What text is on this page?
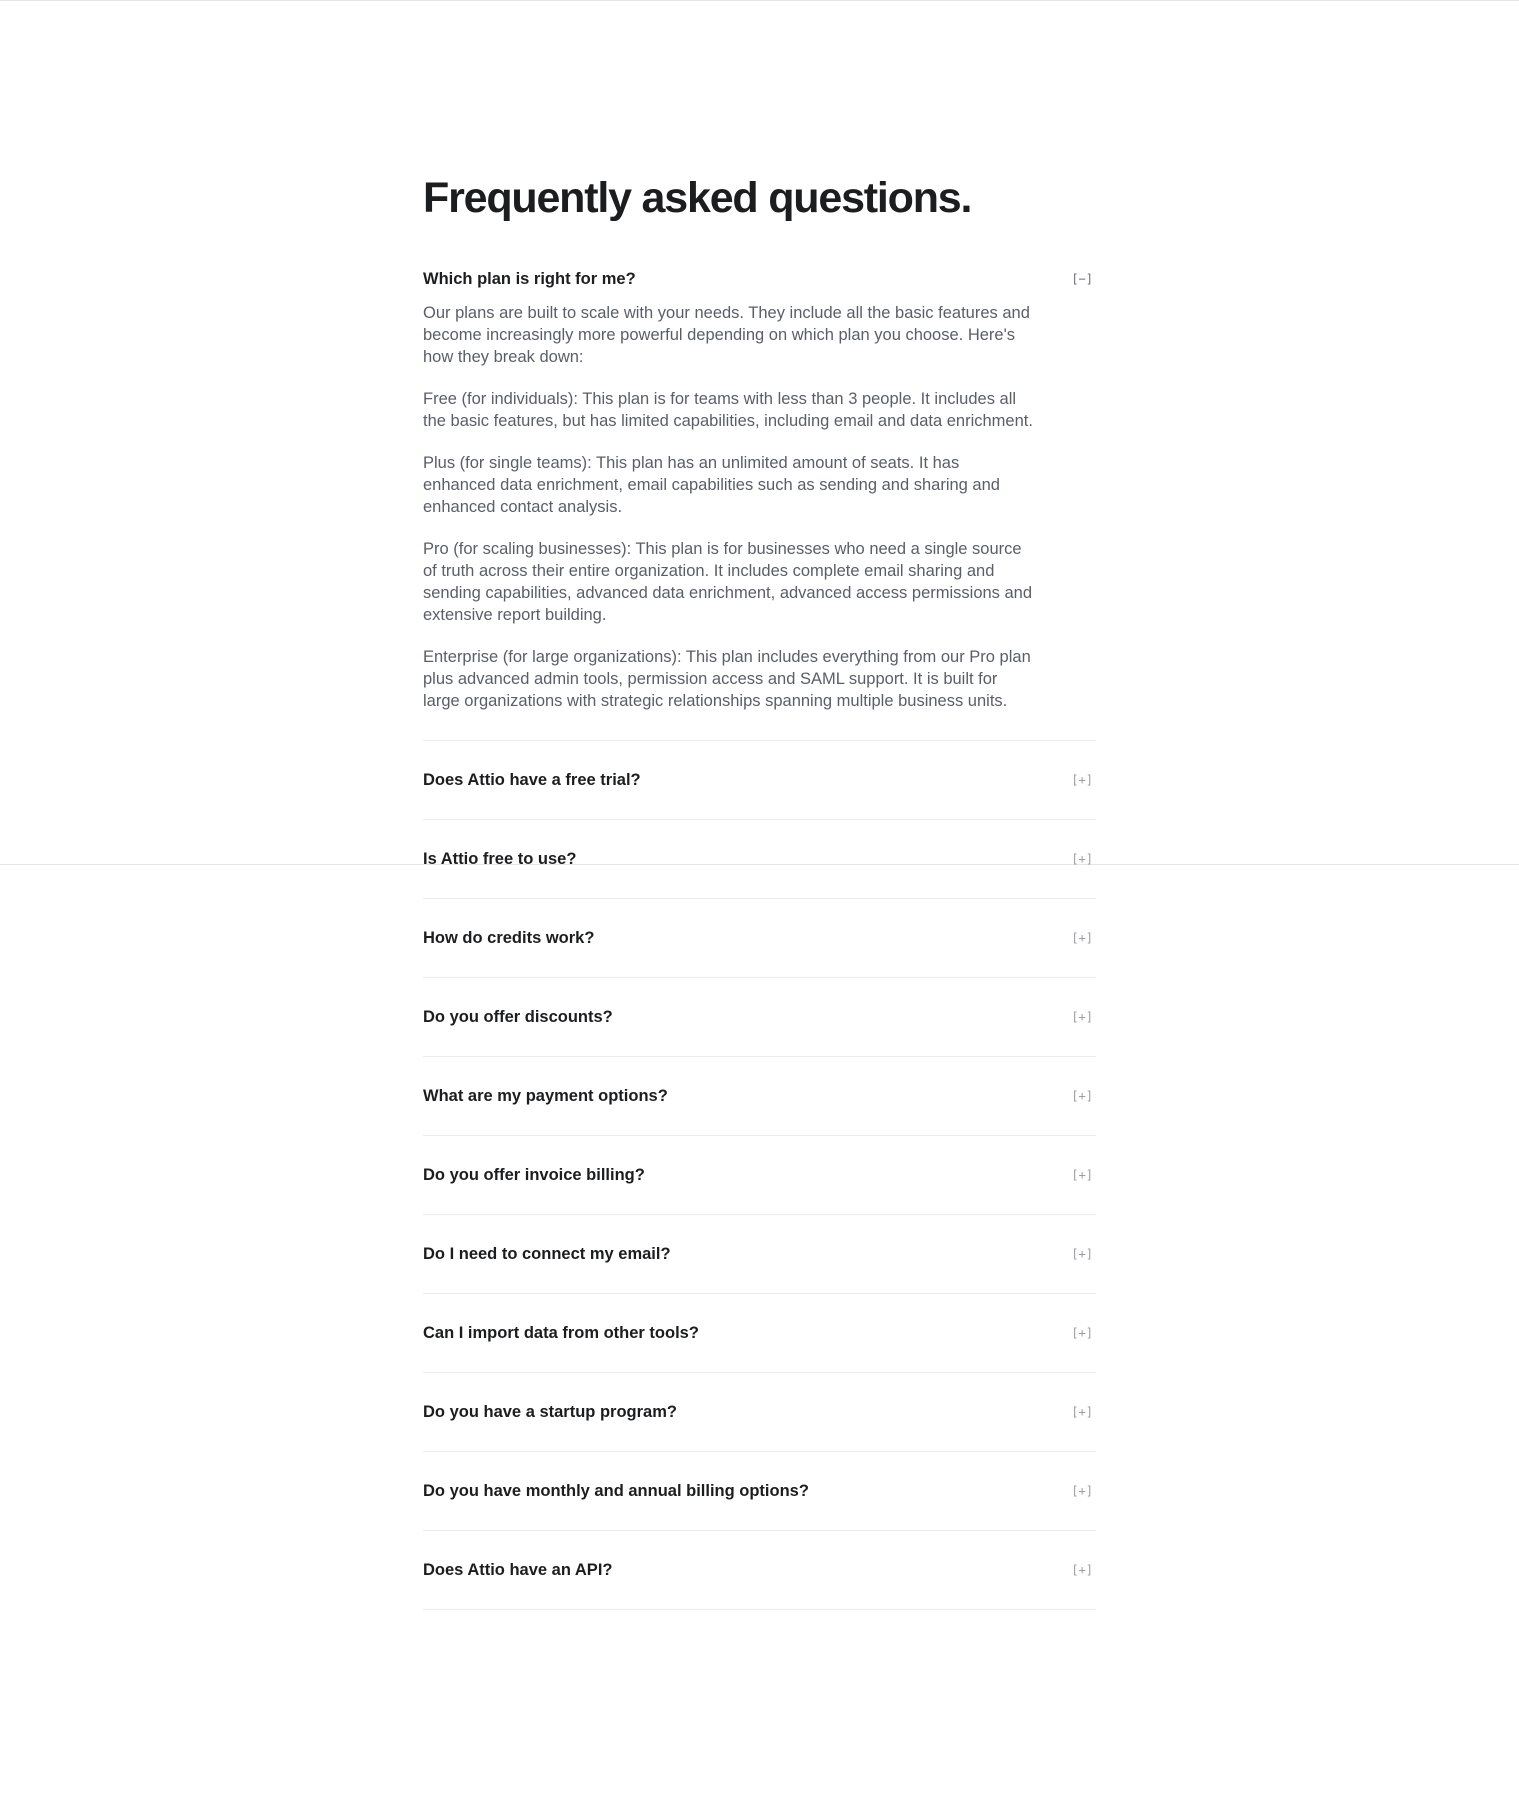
Frequently asked questions.
Which plan is right for me?	[−]

Our plans are built to scale with your needs. They include all the basic features and become increasingly more powerful depending on which plan you choose. Here's how they break down:

Free (for individuals): This plan is for teams with less than 3 people. It includes all the basic features, but has limited capabilities, including email and data enrichment.

Plus (for single teams): This plan has an unlimited amount of seats. It has enhanced data enrichment, email capabilities such as sending and sharing and enhanced contact analysis.

Pro (for scaling businesses): This plan is for businesses who need a single source of truth across their entire organization. It includes complete email sharing and sending capabilities, advanced data enrichment, advanced access permissions and extensive report building.

Enterprise (for large organizations): This plan includes everything from our Pro plan plus advanced admin tools, permission access and SAML support. It is built for large organizations with strategic relationships spanning multiple business units.

Does Attio have a free trial?	[+]
Is Attio free to use?	[+]
How do credits work?	[+]
Do you offer discounts?	[+]
What are my payment options?	[+]
Do you offer invoice billing?	[+]
Do I need to connect my email?	[+]
Can I import data from other tools?	[+]
Do you have a startup program?	[+]
Do you have monthly and annual billing options?	[+]
Does Attio have an API?	[+]
